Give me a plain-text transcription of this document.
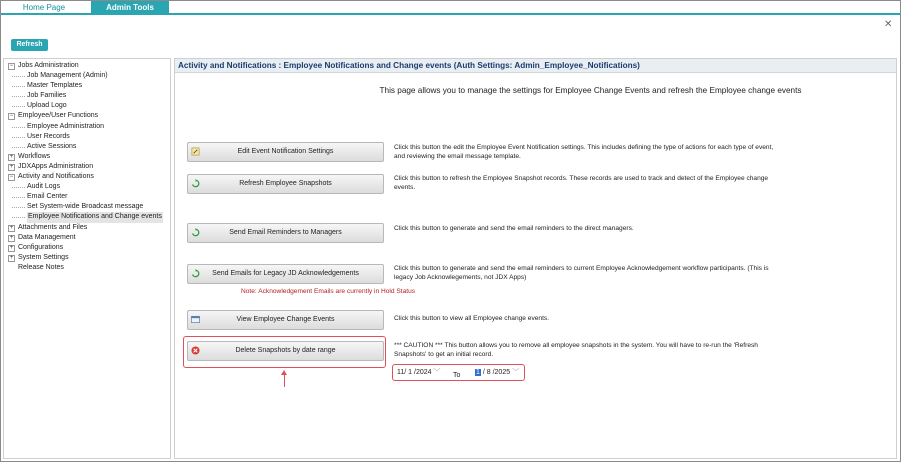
Home Page	Admin Tools
✕
Refresh
− Jobs Administration
Job Management (Admin)
Master Templates
Job Families
Upload Logo
− Employee/User Functions
Employee Administration
User Records
Active Sessions
+ Workflows
+ JDXApps Administration
− Activity and Notifications
Audit Logs
Email Center
Set System-wide Broadcast message
Employee Notifications and Change events
+ Attachments and Files
+ Data Management
+ Configurations
+ System Settings
Release Notes
Activity and Notifications : Employee Notifications and Change events (Auth Settings: Admin_Employee_Notifications)
This page allows you to manage the settings for Employee Change Events and refresh the Employee change events
Edit Event Notification Settings
Click this button the edit the Employee Event Notification settings. This includes defining the type of actions for each type of event, and reviewing the email message template.
Refresh Employee Snapshots
Click this button to refresh the Employee Snapshot records. These records are used to track and detect of the Employee change events.
Send Email Reminders to Managers
Click this button to generate and send the email reminders to the direct managers.
Send Emails for Legacy JD Acknowledgements
Click this button to generate and send the email reminders to current Employee Acknowledgement workflow participants. (This is legacy Job Acknowlegements, not JDX Apps)
Note: Acknowledgement Emails are currently in Hold Status
View Employee Change Events	Click this button to view all Employee change events.
Delete Snapshots by date range
*** CAUTION *** This button allows you to remove all employee snapshots in the system. You will have to re-run the 'Refresh Snapshots' to get an initial record.
11/ 1 /2024 ﹀ To 1 / 8 /2025 ﹀
